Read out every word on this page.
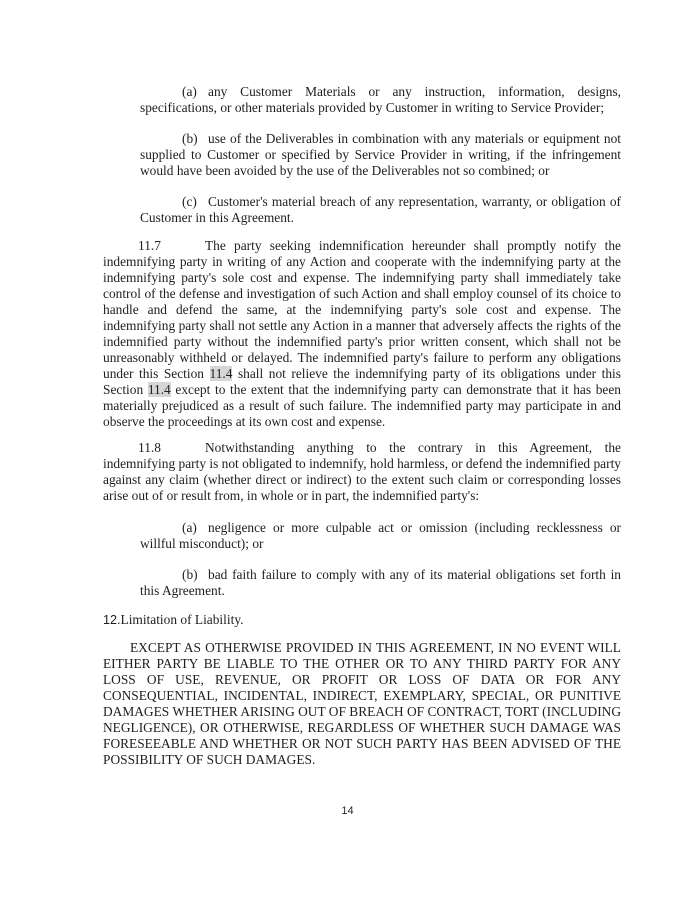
(a) any Customer Materials or any instruction, information, designs, specifications, or other materials provided by Customer in writing to Service Provider;

(b) use of the Deliverables in combination with any materials or equipment not supplied to Customer or specified by Service Provider in writing, if the infringement would have been avoided by the use of the Deliverables not so combined; or

(c) Customer's material breach of any representation, warranty, or obligation of Customer in this Agreement.

11.7	The party seeking indemnification hereunder shall promptly notify the indemnifying party in writing of any Action and cooperate with the indemnifying party at the indemnifying party's sole cost and expense. The indemnifying party shall immediately take control of the defense and investigation of such Action and shall employ counsel of its choice to handle and defend the same, at the indemnifying party's sole cost and expense. The indemnifying party shall not settle any Action in a manner that adversely affects the rights of the indemnified party without the indemnified party's prior written consent, which shall not be unreasonably withheld or delayed. The indemnified party's failure to perform any obligations under this Section 11.4 shall not relieve the indemnifying party of its obligations under this Section 11.4 except to the extent that the indemnifying party can demonstrate that it has been materially prejudiced as a result of such failure. The indemnified party may participate in and observe the proceedings at its own cost and expense.

11.8	Notwithstanding anything to the contrary in this Agreement, the indemnifying party is not obligated to indemnify, hold harmless, or defend the indemnified party against any claim (whether direct or indirect) to the extent such claim or corresponding losses arise out of or result from, in whole or in part, the indemnified party's:

(a) negligence or more culpable act or omission (including recklessness or willful misconduct); or

(b) bad faith failure to comply with any of its material obligations set forth in this Agreement.

12.Limitation of Liability.

EXCEPT AS OTHERWISE PROVIDED IN THIS AGREEMENT, IN NO EVENT WILL EITHER PARTY BE LIABLE TO THE OTHER OR TO ANY THIRD PARTY FOR ANY LOSS OF USE, REVENUE, OR PROFIT OR LOSS OF DATA OR FOR ANY CONSEQUENTIAL, INCIDENTAL, INDIRECT, EXEMPLARY, SPECIAL, OR PUNITIVE DAMAGES WHETHER ARISING OUT OF BREACH OF CONTRACT, TORT (INCLUDING NEGLIGENCE), OR OTHERWISE, REGARDLESS OF WHETHER SUCH DAMAGE WAS FORESEEABLE AND WHETHER OR NOT SUCH PARTY HAS BEEN ADVISED OF THE POSSIBILITY OF SUCH DAMAGES.

14
